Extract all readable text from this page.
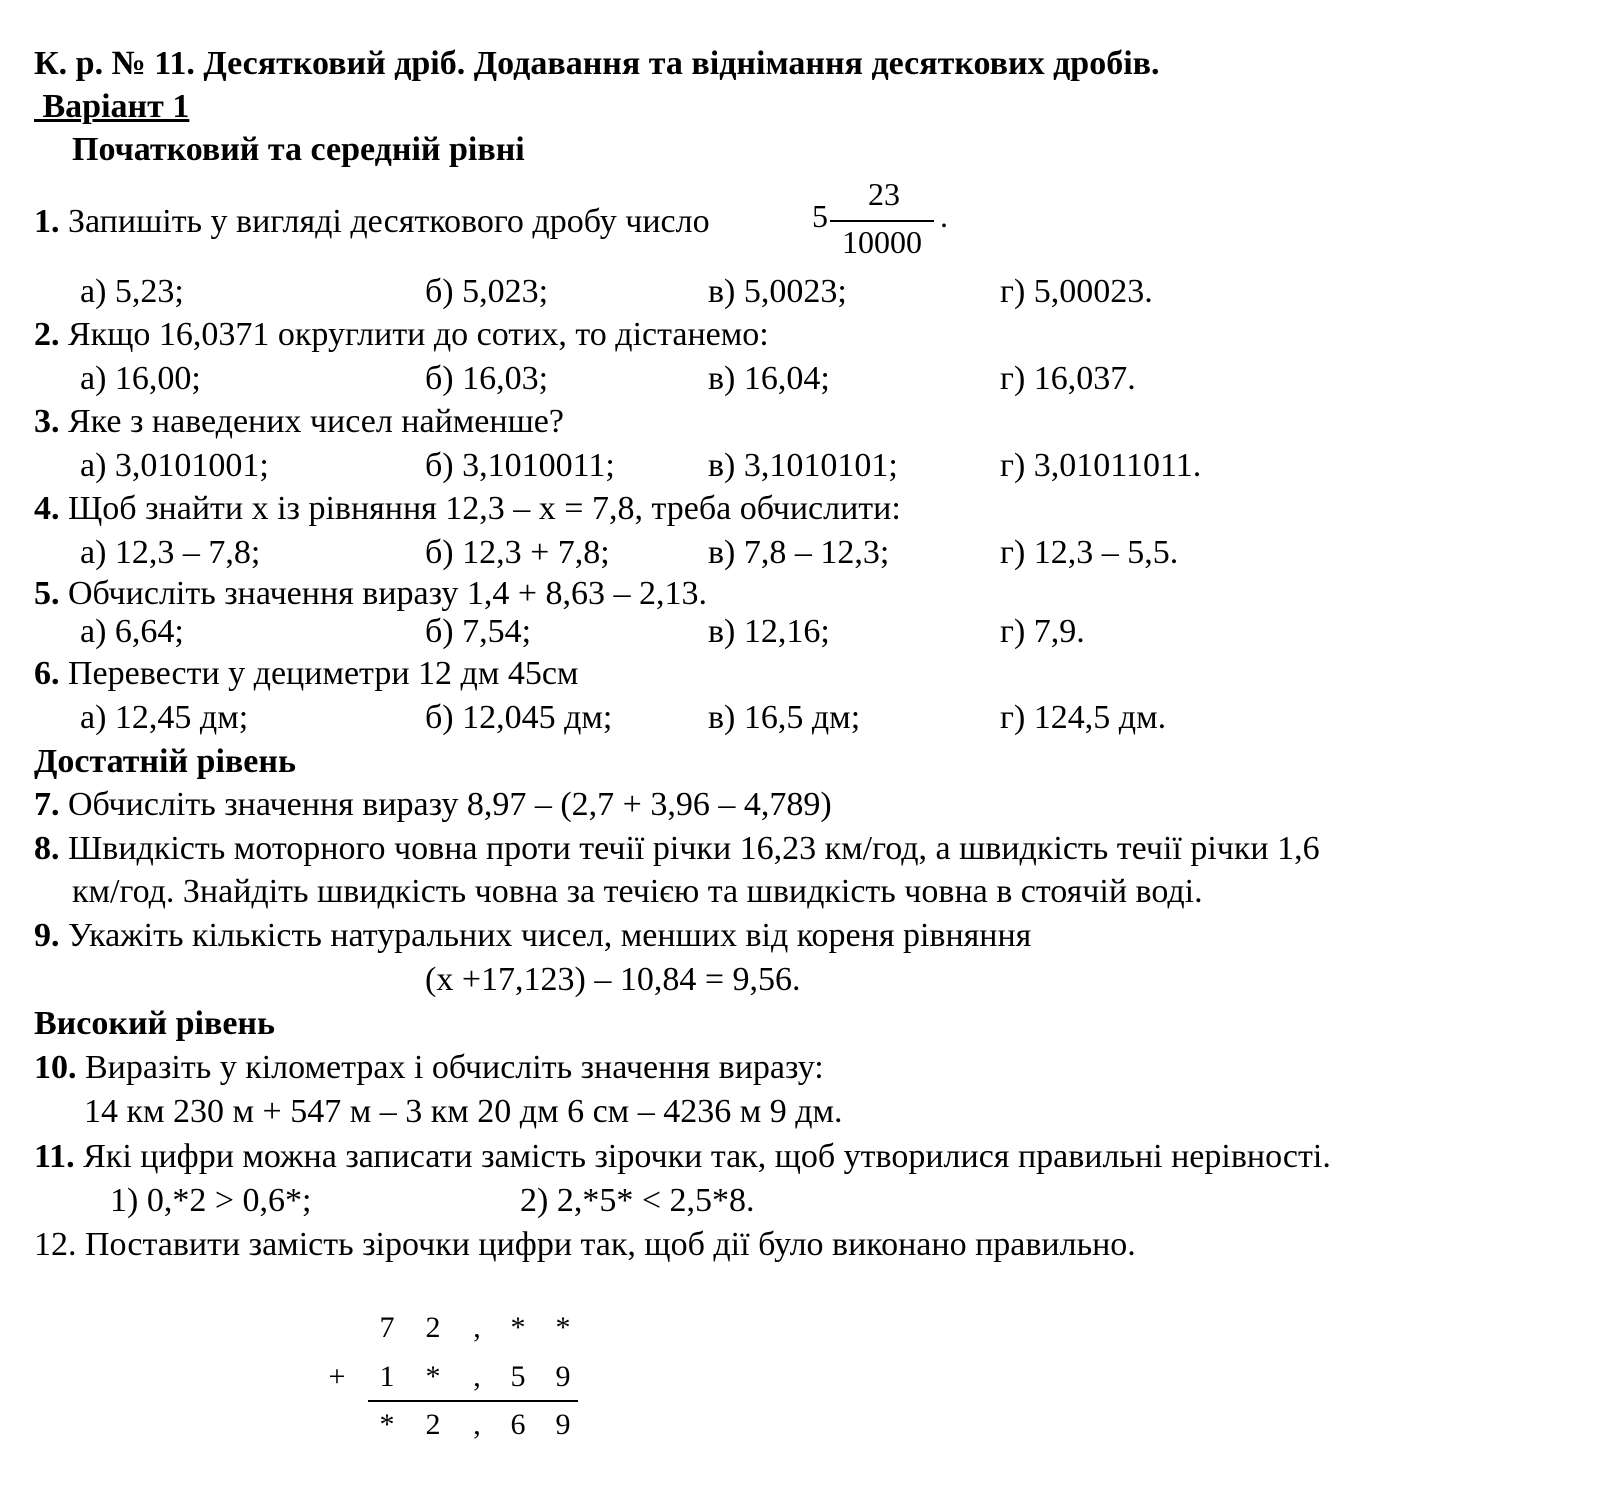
К. р. № 11. Десятковий дріб. Додавання та віднімання десяткових дробів.
Варіант 1
Початковий та середній рівні
1. Запишіть у вигляді десяткового дробу число	5
23
10000
.
а) 5,23;	б) 5,023;	в) 5,0023;	г) 5,00023.
2. Якщо 16,0371 округлити до сотих, то дістанемо:
а) 16,00;	б) 16,03;	в) 16,04;	г) 16,037.
3. Яке з наведених чисел найменше?
а) 3,0101001;	б) 3,1010011;	в) 3,1010101;	г) 3,01011011.
4. Щоб знайти x із рівняння 12,3 – x = 7,8, треба обчислити:
а) 12,3 – 7,8;	б) 12,3 + 7,8;	в) 7,8 – 12,3;	г) 12,3 – 5,5.
5. Обчисліть значення виразу 1,4 + 8,63 – 2,13.
а) 6,64;	б) 7,54;	в) 12,16;	г) 7,9.
6. Перевести у дециметри 12 дм 45см
а) 12,45 дм;	б) 12,045 дм;	в) 16,5 дм;	г) 124,5 дм.
Достатній рівень
7. Обчисліть значення виразу 8,97 – (2,7 + 3,96 – 4,789)
8. Швидкість моторного човна проти течії річки 16,23 км/год, а швидкість течії річки 1,6
км/год. Знайдіть швидкість човна за течією та швидкість човна в стоячій воді.
9. Укажіть кількість натуральних чисел, менших від кореня рівняння
(x +17,123) – 10,84 = 9,56.
Високий рівень
10. Виразіть у кілометрах і обчисліть значення виразу:
14 км 230 м + 547 м – 3 км 20 дм 6 см – 4236 м 9 дм.
11. Які цифри можна записати замість зірочки так, щоб утворилися правильні нерівності.
1) 0,*2 > 0,6*;	2) 2,*5* < 2,5*8.
12. Поставити замість зірочки цифри так, щоб дії було виконано правильно.
7 2	, * *
+ 1 *	, 5 9
* 2	, 6 9
